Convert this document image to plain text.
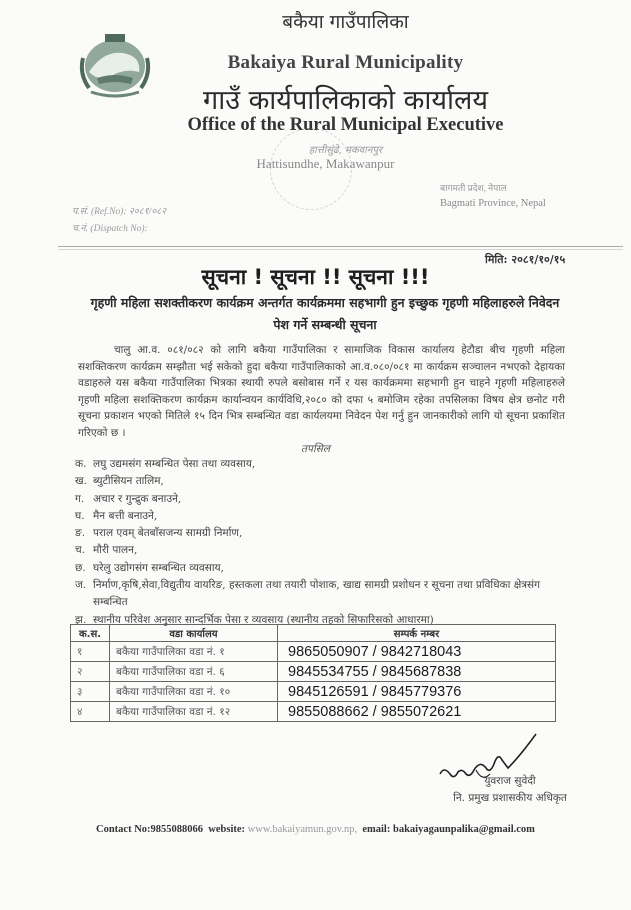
बकैया गाउँपालिका
Bakaiya Rural Municipality
गाउँ कार्यपालिकाको कार्यालय
Office of the Rural Municipal Executive
हात्तीसुंढे, मकवानपुर
Hattisundhe, Makawanpur
बागमती प्रदेश, नेपाल
Bagmati Province, Nepal
प.सं. (Ref.No): २०८१/०८२
च.नं. (Dispatch No):
मिति: २०८१/१०/१५
सूचना ! सूचना !! सूचना !!!
गृहणी महिला सशक्तीकरण कार्यक्रम अन्तर्गत कार्यक्रममा सहभागी हुन इच्छुक गृहणी महिलाहरुले निवेदन पेश गर्ने सम्बन्धी सूचना
चालु आ.व. ०८१/०८२ को लागि बकैया गाउँपालिका र सामाजिक विकास कार्यालय हेटौडा बीच गृहणी महिला सशक्तिकरण कार्यक्रम सम्झौता भई सकेको हुदा बकैया गाउँपालिकाको आ.व.०८०/०८१ मा कार्यक्रम सञ्चालन नभएको देहायका वडाहरुले यस बकैया गाउँपालिका भित्रका स्थायी रुपले बसोबास गर्ने र यस कार्यक्रममा सहभागी हुन चाहने गृहणी महिलाहरुले गृहणी महिला सशक्तिकरण कार्यक्रम कार्यान्वयन कार्यविधि,२०८० को दफा ५ बमोजिम रहेका तपसिलका विषय क्षेत्र छनोट गरी सूचना प्रकाशन भएको मितिले १५ दिन भित्र सम्बन्धित वडा कार्यलयमा निवेदन पेश गर्नु हुन जानकारीको लागि यो सूचना प्रकाशित गरिएको छ ।
तपसिल
क. लघु उद्यमसंग सम्बन्धित पेसा तथा व्यवसाय,
ख. ब्युटीसियन तालिम,
ग. अचार र गुन्द्रुक बनाउने,
घ. मैन बत्ती बनाउने,
ङ. पराल एवम् बेतबाँसजन्य सामग्री निर्माण,
च. मौरी पालन,
छ. घरेलु उद्योगसंग सम्बन्धित व्यवसाय,
ज. निर्माण,कृषि,सेवा,विद्युतीय वायरिङ, हस्तकला तथा तयारी पोशाक, खाद्य सामग्री प्रशोधन र सूचना तथा प्रविधिका क्षेत्रसंग सम्बन्धित
झ. स्थानीय परिवेश अनुसार सान्दर्भिक पेसा र व्यवसाय (स्थानीय तहको सिफारिसको आधारमा)
क.स.	वडा कार्यालय	सम्पर्क नम्बर
१	बकैया गाउँपालिका वडा नं. १	9865050907 / 9842718043
२	बकैया गाउँपालिका वडा नं. ६	9845534755 / 9845687838
३	बकैया गाउँपालिका वडा नं. १०	9845126591 / 9845779376
४	बकैया गाउँपालिका वडा नं. १२	9855088662 / 9855072621
युवराज सुवेदी
नि. प्रमुख प्रशासकीय अधिकृत
Contact No:9855088066 website: www.bakaiyamun.gov.np, email: bakaiyagaunpalika@gmail.com
